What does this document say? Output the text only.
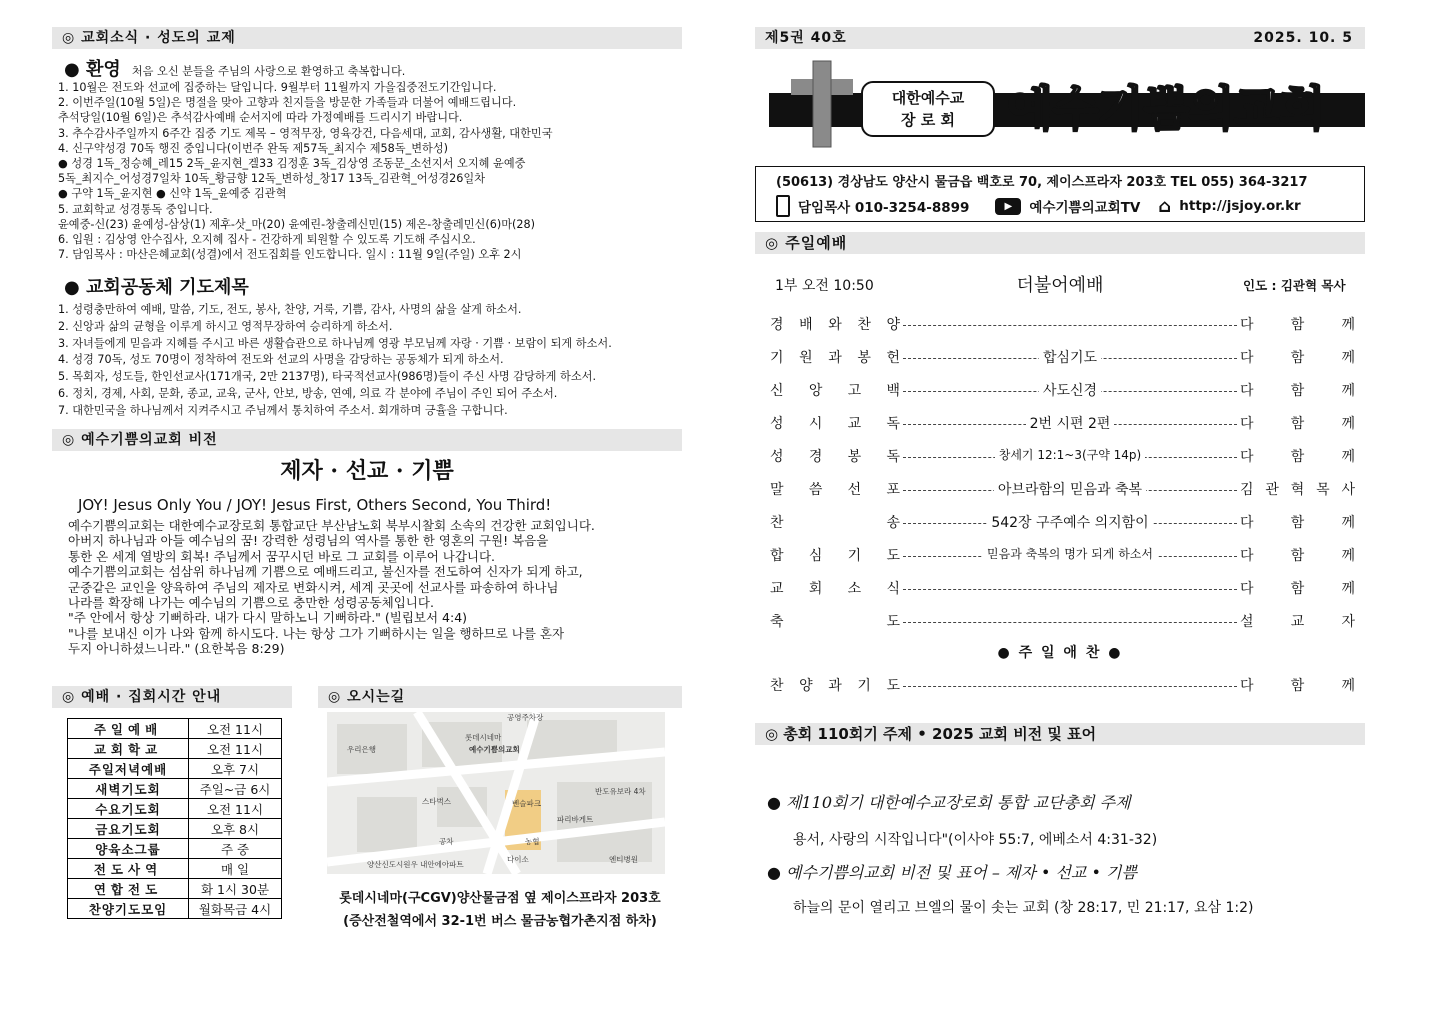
◎ 교회소식 · 성도의 교제
● 환영 처음 오신 분들을 주님의 사랑으로 환영하고 축복합니다.
1. 10월은 전도와 선교에 집중하는 달입니다. 9월부터 11월까지 가을집중전도기간입니다.
2. 이번주일(10월 5일)은 명절을 맞아 고향과 친지들을 방문한 가족들과 더불어 예배드립니다.
추석당일(10월 6일)은 추석감사예배 순서지에 따라 가정예배를 드리시기 바랍니다.
3. 추수감사주일까지 6주간 집중 기도 제목 – 영적무장, 영육강건, 다음세대, 교회, 감사생활, 대한민국
4. 신구약성경 70독 행진 중입니다(이번주 완독 제57독_최지수 제58독_변하성)
● 성경 1독_정승혜_레15 2독_윤지현_겔33 김정훈 3독_김상영 조동문_소선지서 오지혜 윤예중
5독_최지수_어성경7일차 10독_황금향 12독_변하성_창17 13독_김관혁_어성경26일차
● 구약 1독_윤지현 ● 신약 1독_윤예중 김관혁
5. 교회학교 성경통독 중입니다.
윤예중-신(23) 윤예성-삼상(1) 제후-삿_마(20) 윤예린-창출레신민(15) 제온-창출레민신(6)마(28)
6. 입원 : 김상영 안수집사, 오지혜 집사 - 건강하게 퇴원할 수 있도록 기도해 주십시오.
7. 담임목사 : 마산은혜교회(성결)에서 전도집회를 인도합니다. 일시 : 11월 9일(주일) 오후 2시
● 교회공동체 기도제목
1. 성령충만하여 예배, 말씀, 기도, 전도, 봉사, 찬양, 거룩, 기쁨, 감사, 사명의 삶을 살게 하소서.
2. 신앙과 삶의 균형을 이루게 하시고 영적무장하여 승리하게 하소서.
3. 자녀들에게 믿음과 지혜를 주시고 바른 생활습관으로 하나님께 영광 부모님께 자랑 · 기쁨 · 보람이 되게 하소서.
4. 성경 70독, 성도 70명이 정착하여 전도와 선교의 사명을 감당하는 공동체가 되게 하소서.
5. 목회자, 성도들, 한인선교사(171개국, 2만 2137명), 타국적선교사(986명)들이 주신 사명 감당하게 하소서.
6. 정치, 경제, 사회, 문화, 종교, 교육, 군사, 안보, 방송, 연예, 의료 각 분야에 주님이 주인 되어 주소서.
7. 대한민국을 하나님께서 지켜주시고 주님께서 통치하여 주소서. 회개하며 긍휼을 구합니다.
◎ 예수기쁨의교회 비전
제자 · 선교 · 기쁨
JOY! Jesus Only You / JOY! Jesus First, Others Second, You Third!
예수기쁨의교회는 대한예수교장로회 통합교단 부산남노회 북부시찰회 소속의 건강한 교회입니다.
아버지 하나님과 아들 예수님의 꿈! 강력한 성령님의 역사를 통한 한 영혼의 구원! 복음을
통한 온 세계 열방의 회복! 주님께서 꿈꾸시던 바로 그 교회를 이루어 나갑니다.
예수기쁨의교회는 섬삼위 하나님께 기쁨으로 예배드리고, 불신자를 전도하여 신자가 되게 하고,
군중같은 교인을 양육하여 주님의 제자로 변화시켜, 세계 곳곳에 선교사를 파송하여 하나님
나라를 확장해 나가는 예수님의 기쁨으로 충만한 성령공동체입니다.
"주 안에서 항상 기뻐하라. 내가 다시 말하노니 기뻐하라." (빌립보서 4:4)
"나를 보내신 이가 나와 함께 하시도다. 나는 항상 그가 기뻐하시는 일을 행하므로 나를 혼자
두지 아니하셨느니라." (요한복음 8:29)
◎ 예배 · 집회시간 안내
주일예배	오전 11시
교회학교	오전 11시
주일저녁예배	오후 7시
새벽기도회	주일~금 6시
수요기도회	오전 11시
금요기도회	오후 8시
양육소그룹	주 중
전도사역	매 일
연합전도	화 1시 30분
찬양기도모임	월화목금 4시
◎ 오시는길
공영주차장
롯데시네마
예수기쁨의교회
우리은행
스타벅스	벤슬파크
파리바게트
반도유보라 4차
농협
다이소
공차
양산신도시원우 내안에아파트
엔티병원
롯데시네마(구CGV)양산물금점 옆 제이스프라자 203호
(증산전철역에서 32-1번 버스 물금농협가촌지점 하차)
제5권 40호	2025. 10. 5
대한예수교
장 로 회	예수기쁨의교회
(50613) 경상남도 양산시 물금읍 백호로 70, 제이스프라자 203호 TEL 055) 364-3217
담임목사 010-3254-8899	▶	예수기쁨의교회TV ⌂ http://jsjoy.or.kr
◎ 주일예배
1부 오전 10:50	더불어예배	인도 : 김관혁 목사
경 배 와 찬 양	다	함	께
기 원 과 봉 헌	합심기도	다	함	께
신 앙 고 백	사도신경	다	함	께
성 시 교 독	2번 시편 2편	다	함	께
성 경 봉 독	창세기 12:1~3(구약 14p)	다	함	께
말 씀 선 포	아브라함의 믿음과 축복	김 관 혁 목 사
찬	송	542장 구주예수 의지함이	다	함	께
합 심 기 도	믿음과 축복의 명가 되게 하소서	다	함	께
교 회 소 식	다	함	께
축	도	설	교	자
● 주 일 애 찬 ●
찬 양 과 기 도	다	함	께
◎ 총회 110회기 주제 • 2025 교회 비전 및 표어
● 제110회기 대한예수교장로회 통합 교단총회 주제
용서, 사랑의 시작입니다"(이사야 55:7, 에베소서 4:31-32)
● 예수기쁨의교회 비전 및 표어 – 제자 • 선교 • 기쁨
하늘의 문이 열리고 브엘의 물이 솟는 교회 (창 28:17, 민 21:17, 요삼 1:2)
